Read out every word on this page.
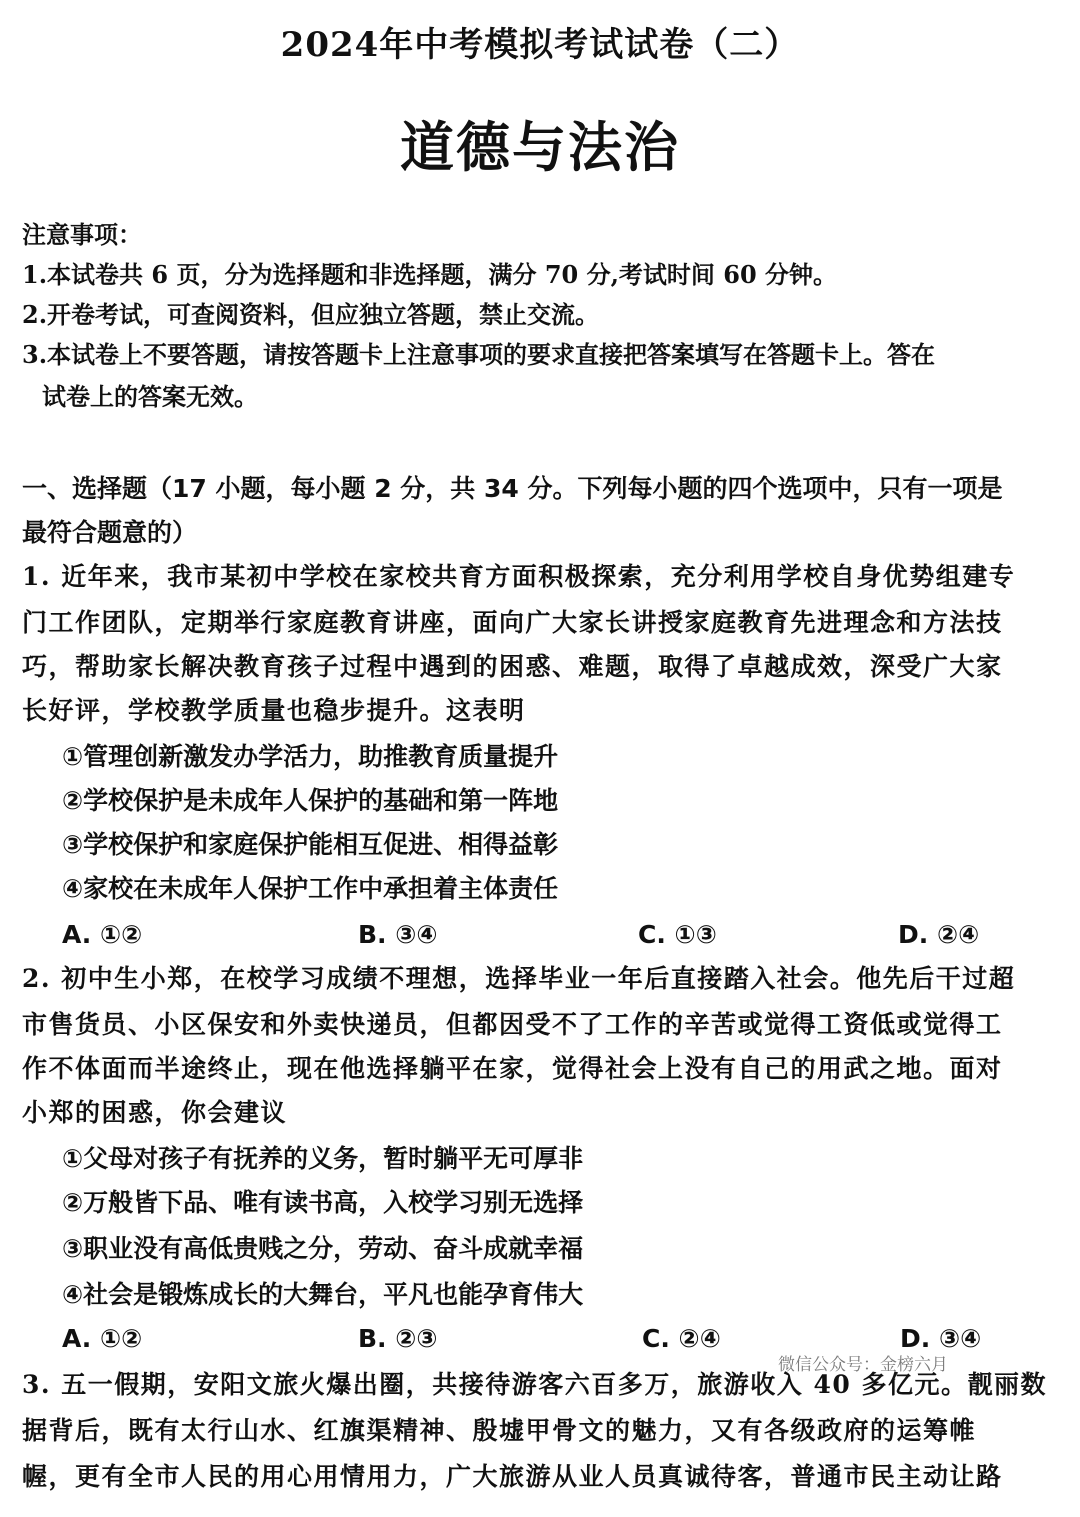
2024年中考模拟考试试卷（二）
道德与法治
注意事项：
1.本试卷共 6 页，分为选择题和非选择题，满分 70 分,考试时间 60 分钟。
2.开卷考试，可查阅资料，但应独立答题，禁止交流。
3.本试卷上不要答题，请按答题卡上注意事项的要求直接把答案填写在答题卡上。答在
试卷上的答案无效。
一、选择题（17 小题，每小题 2 分，共 34 分。下列每小题的四个选项中，只有一项是
最符合题意的）
1. 近年来，我市某初中学校在家校共育方面积极探索，充分利用学校自身优势组建专
门工作团队，定期举行家庭教育讲座，面向广大家长讲授家庭教育先进理念和方法技
巧，帮助家长解决教育孩子过程中遇到的困惑、难题，取得了卓越成效，深受广大家
长好评，学校教学质量也稳步提升。这表明
①管理创新激发办学活力，助推教育质量提升
②学校保护是未成年人保护的基础和第一阵地
③学校保护和家庭保护能相互促进、相得益彰
④家校在未成年人保护工作中承担着主体责任
A. ①②	B. ③④	C. ①③	D. ②④
2. 初中生小郑，在校学习成绩不理想，选择毕业一年后直接踏入社会。他先后干过超
市售货员、小区保安和外卖快递员，但都因受不了工作的辛苦或觉得工资低或觉得工
作不体面而半途终止，现在他选择躺平在家，觉得社会上没有自己的用武之地。面对
小郑的困惑，你会建议
①父母对孩子有抚养的义务，暂时躺平无可厚非
②万般皆下品、唯有读书高，入校学习别无选择
③职业没有高低贵贱之分，劳动、奋斗成就幸福
④社会是锻炼成长的大舞台，平凡也能孕育伟大
A. ①②	B. ②③	C. ②④	D. ③④
微信公众号：金榜六月
3. 五一假期，安阳文旅火爆出圈，共接待游客六百多万，旅游收入 40 多亿元。靓丽数
据背后，既有太行山水、红旗渠精神、殷墟甲骨文的魅力，又有各级政府的运筹帷
幄，更有全市人民的用心用情用力，广大旅游从业人员真诚待客，普通市民主动让路
